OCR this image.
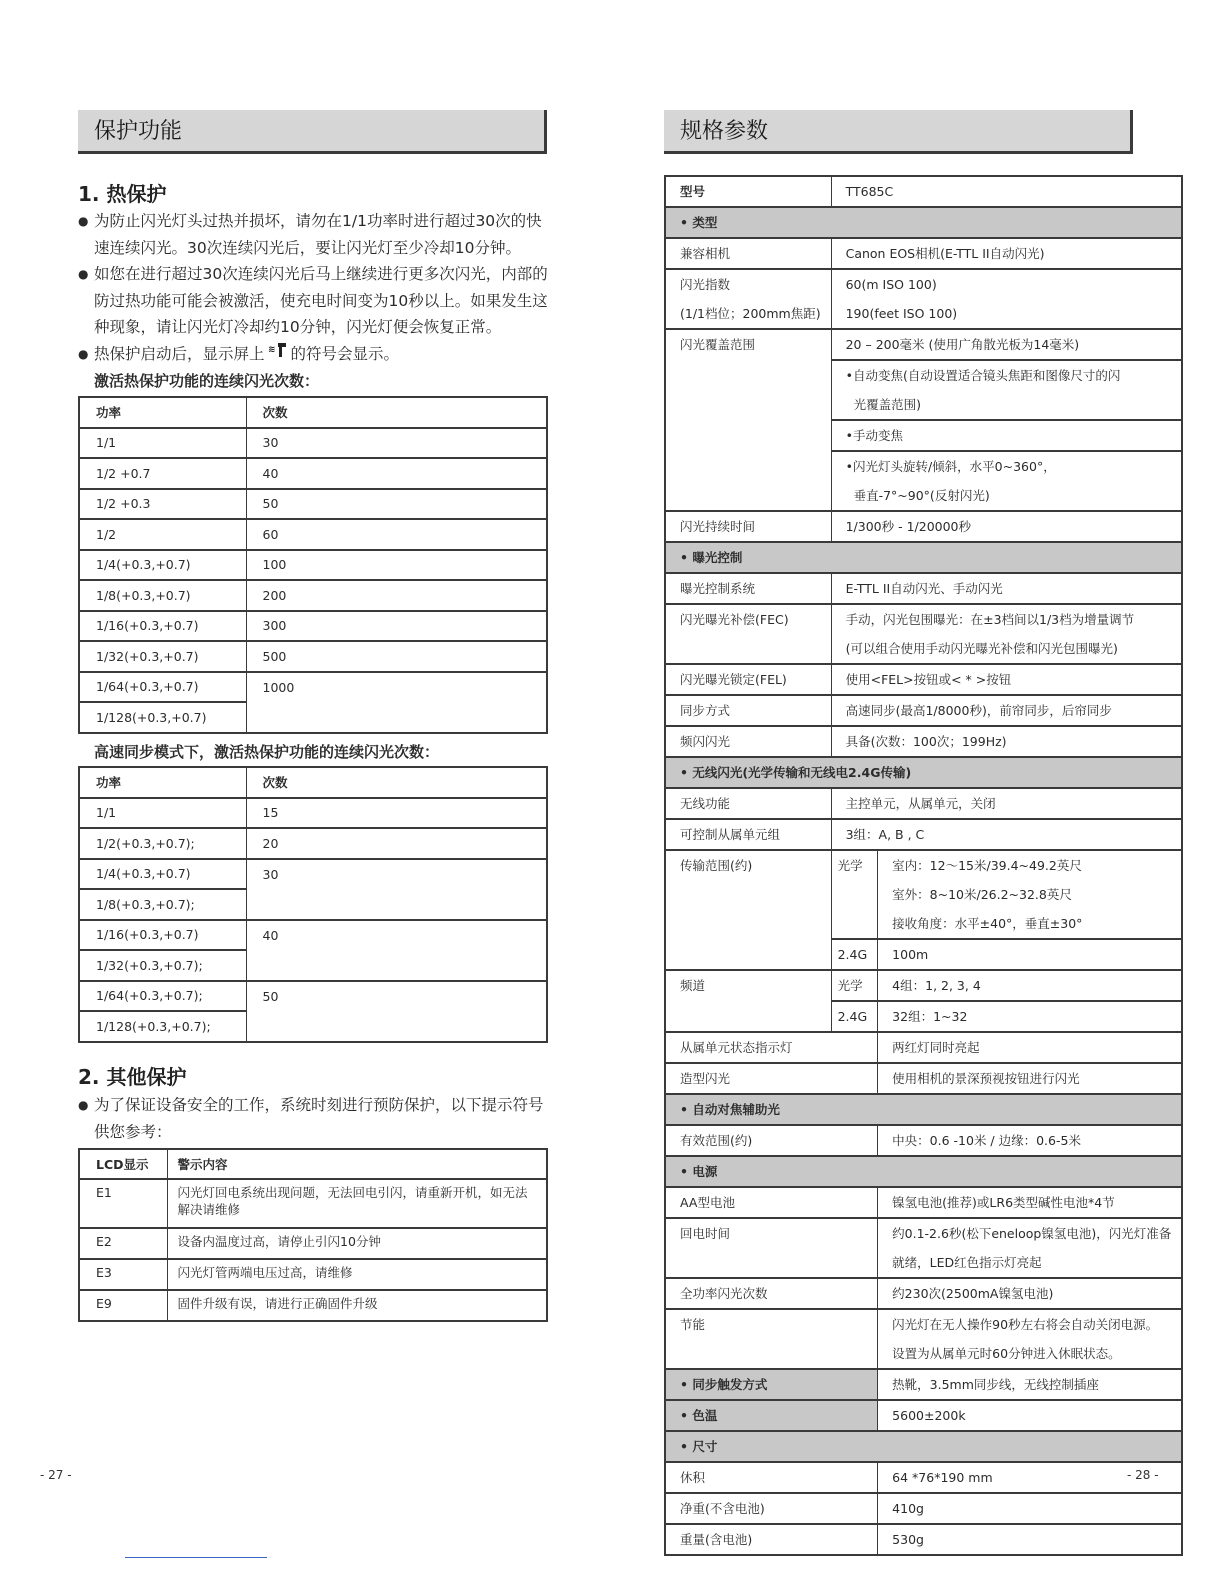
保护功能
1. 热保护
● 为防止闪光灯头过热并损坏，请勿在1/1功率时进行超过30次的快速连续闪光。30次连续闪光后，要让闪光灯至少冷却10分钟。
● 如您在进行超过30次连续闪光后马上继续进行更多次闪光，内部的防过热功能可能会被激活，使充电时间变为10秒以上。如果发生这种现象，请让闪光灯冷却约10分钟，闪光灯便会恢复正常。
● 热保护启动后，显示屏上 ≋ 的符号会显示。
激活热保护功能的连续闪光次数：
功率	次数
1/1	30
1/2 +0.7	40
1/2 +0.3	50
1/2	60
1/4(+0.3,+0.7)	100
1/8(+0.3,+0.7)	200
1/16(+0.3,+0.7)	300
1/32(+0.3,+0.7)	500
1/64(+0.3,+0.7)	1000
1/128(+0.3,+0.7)	
高速同步模式下，激活热保护功能的连续闪光次数：
功率	次数
1/1	15
1/2(+0.3,+0.7);	20
1/4(+0.3,+0.7)	30
1/8(+0.3,+0.7);	
1/16(+0.3,+0.7)	40
1/32(+0.3,+0.7);	
1/64(+0.3,+0.7);	50
1/128(+0.3,+0.7);	
2. 其他保护
● 为了保证设备安全的工作，系统时刻进行预防保护，以下提示符号供您参考：
LCD显示	警示内容
E1	闪光灯回电系统出现问题，无法回电引闪，请重新开机，如无法解决请维修
E2	设备内温度过高，请停止引闪10分钟
E3	闪光灯管两端电压过高，请维修
E9	固件升级有误，请进行正确固件升级
- 27 -
规格参数
型号	TT685C	
• 类型		
兼容相机	Canon EOS相机(E-TTL II自动闪光)	

闪光指数
(1/1档位；200mm焦距)	60(m ISO 100)
190(feet ISO 100)	

闪光覆盖范围	20 – 200毫米 (使用广角散光板为14毫米)	

	•自动变焦(自动设置适合镜头焦距和图像尺寸的闪
光覆盖范围)	

	•手动变焦	

	•闪光灯头旋转/倾斜，水平0~360°，
垂直-7°~90°(反射闪光)	

闪光持续时间	1/300秒 - 1/20000秒	
• 曝光控制		
曝光控制系统	E-TTL II自动闪光、手动闪光	
闪光曝光补偿(FEC)	手动，闪光包围曝光：在±3档间以1/3档为增量调节
(可以组合使用手动闪光曝光补偿和闪光包围曝光)	

闪光曝光锁定(FEL)	使用<FEL>按钮或< * >按钮	
同步方式	高速同步(最高1/8000秒)，前帘同步，后帘同步	
频闪闪光	具备(次数：100次；199Hz)	
• 无线闪光(光学传输和无线电2.4G传输)		
无线功能	主控单元，从属单元，关闭	
可控制从属单元组	3组：A, B , C	
传输范围(约)	光学	室内：12～15米/39.4~49.2英尺
室外：8~10米/26.2~32.8英尺
接收角度：水平±40°，垂直±30°

	2.4G	100m
频道	光学	4组：1, 2, 3, 4
	2.4G	32组：1~32
从属单元状态指示灯		两红灯同时亮起
造型闪光		使用相机的景深预视按钮进行闪光
• 自动对焦辅助光		
有效范围(约)		中央：0.6 -10米 / 边缘：0.6-5米
• 电源		
AA型电池		镍氢电池(推荐)或LR6类型碱性电池*4节
回电时间		约0.1-2.6秒(松下eneloop镍氢电池)，闪光灯准备
就绪，LED红色指示灯亮起

全功率闪光次数		约230次(2500mA镍氢电池)
节能		闪光灯在无人操作90秒左右将会自动关闭电源。
设置为从属单元时60分钟进入休眠状态。

• 同步触发方式		热靴，3.5mm同步线，无线控制插座
• 色温		5600±200k
• 尺寸		
休积		64 *76*190 mm
净重(不含电池)		410g
重量(含电池)		530g
- 28 -
